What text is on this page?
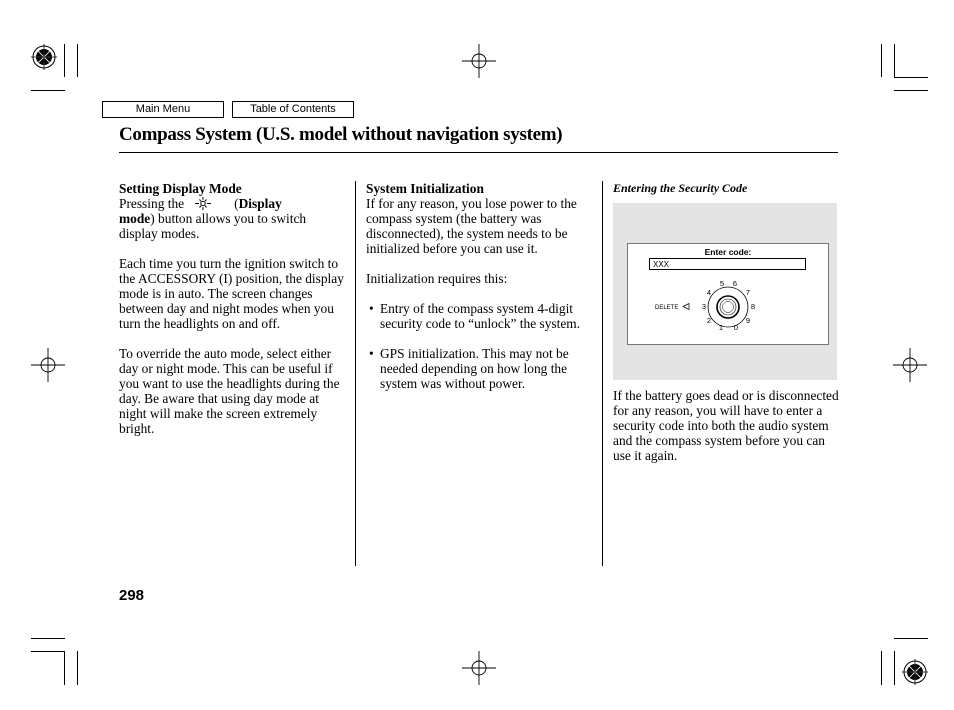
Main Menu	Table of Contents
Compass System (U.S. model without navigation system)
Setting Display Mode

Pressing the	(Display
mode) button allows you to switch display modes.

Each time you turn the ignition switch to the ACCESSORY (I) position, the display mode is in auto. The screen changes between day and night modes when you turn the headlights on and off.

To override the auto mode, select either day or night mode. This can be useful if you want to use the headlights during the day. Be aware that using day mode at night will make the screen extremely bright.

System Initialization

If for any reason, you lose power to the compass system (the battery was disconnected), the system needs to be initialized before you can use it.

Initialization requires this:

• Entry of the compass system 4-digit security code to “unlock” the system.
• GPS initialization. This may not be needed depending on how long the system was without power.
Entering the Security Code
Enter code:
XXX
DELETE
0
1
2
3
4
5	6
7
8
9

If the battery goes dead or is disconnected for any reason, you will have to enter a security code into both the audio system and the compass system before you can use it again.

298
